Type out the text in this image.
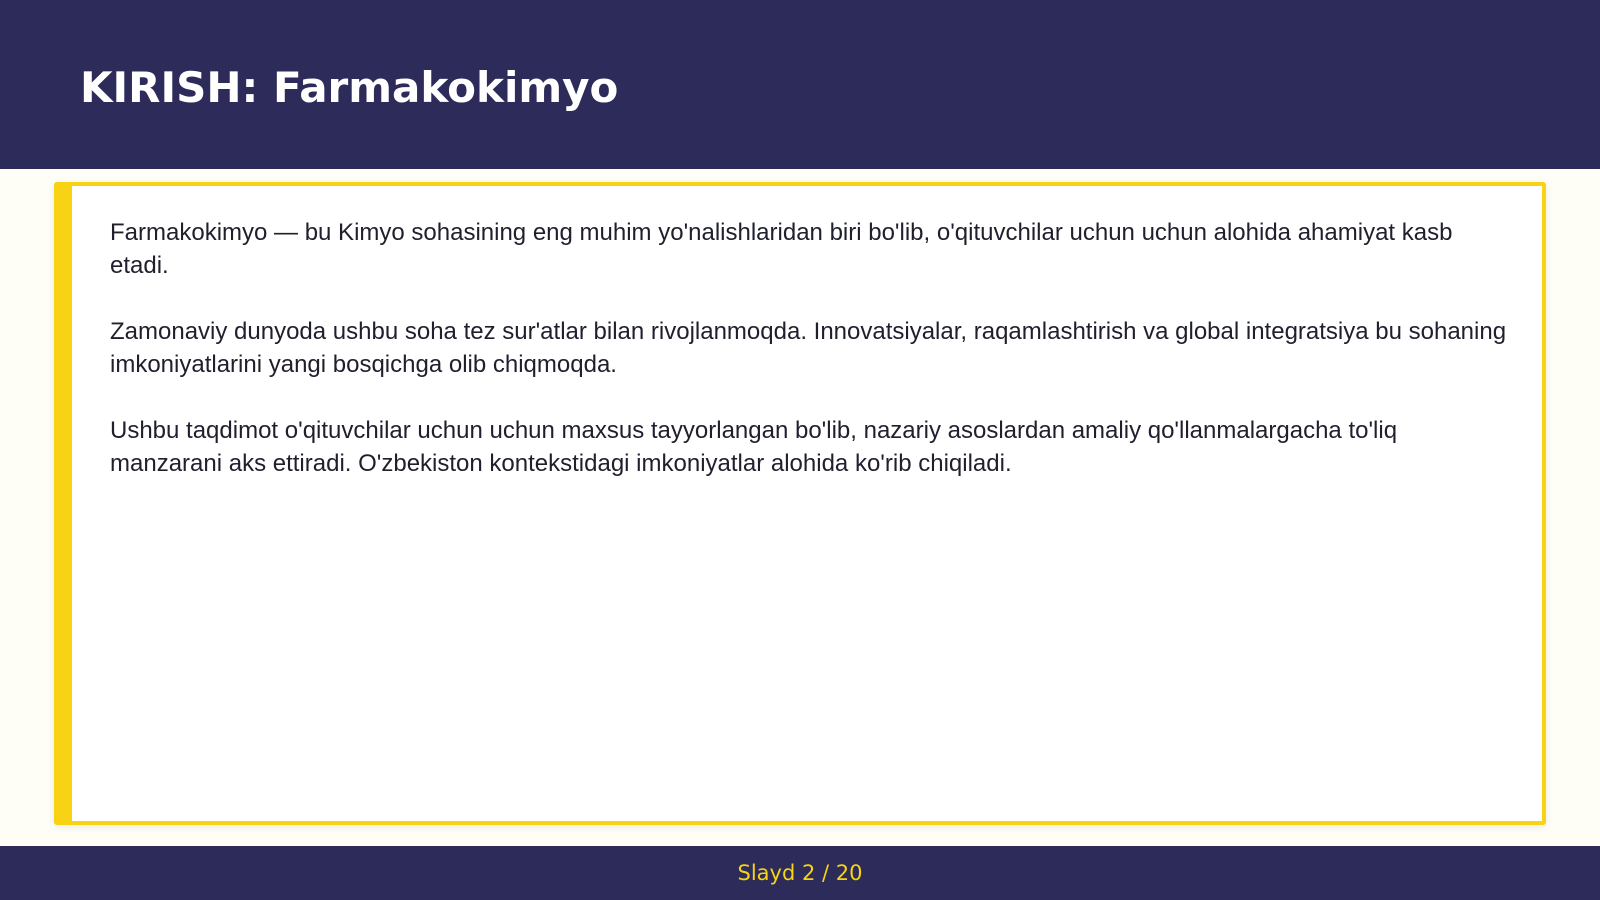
KIRISH: Farmakokimyo

Farmakokimyo — bu Kimyo sohasining eng muhim yo'nalishlaridan biri bo'lib, o'qituvchilar uchun uchun alohida ahamiyat kasb etadi.

Zamonaviy dunyoda ushbu soha tez sur'atlar bilan rivojlanmoqda. Innovatsiyalar, raqamlashtirish va global integratsiya bu sohaning imkoniyatlarini yangi bosqichga olib chiqmoqda.

Ushbu taqdimot o'qituvchilar uchun uchun maxsus tayyorlangan bo'lib, nazariy asoslardan amaliy qo'llanmalargacha to'liq manzarani aks ettiradi. O'zbekiston kontekstidagi imkoniyatlar alohida ko'rib chiqiladi.

Slayd 2 / 20
